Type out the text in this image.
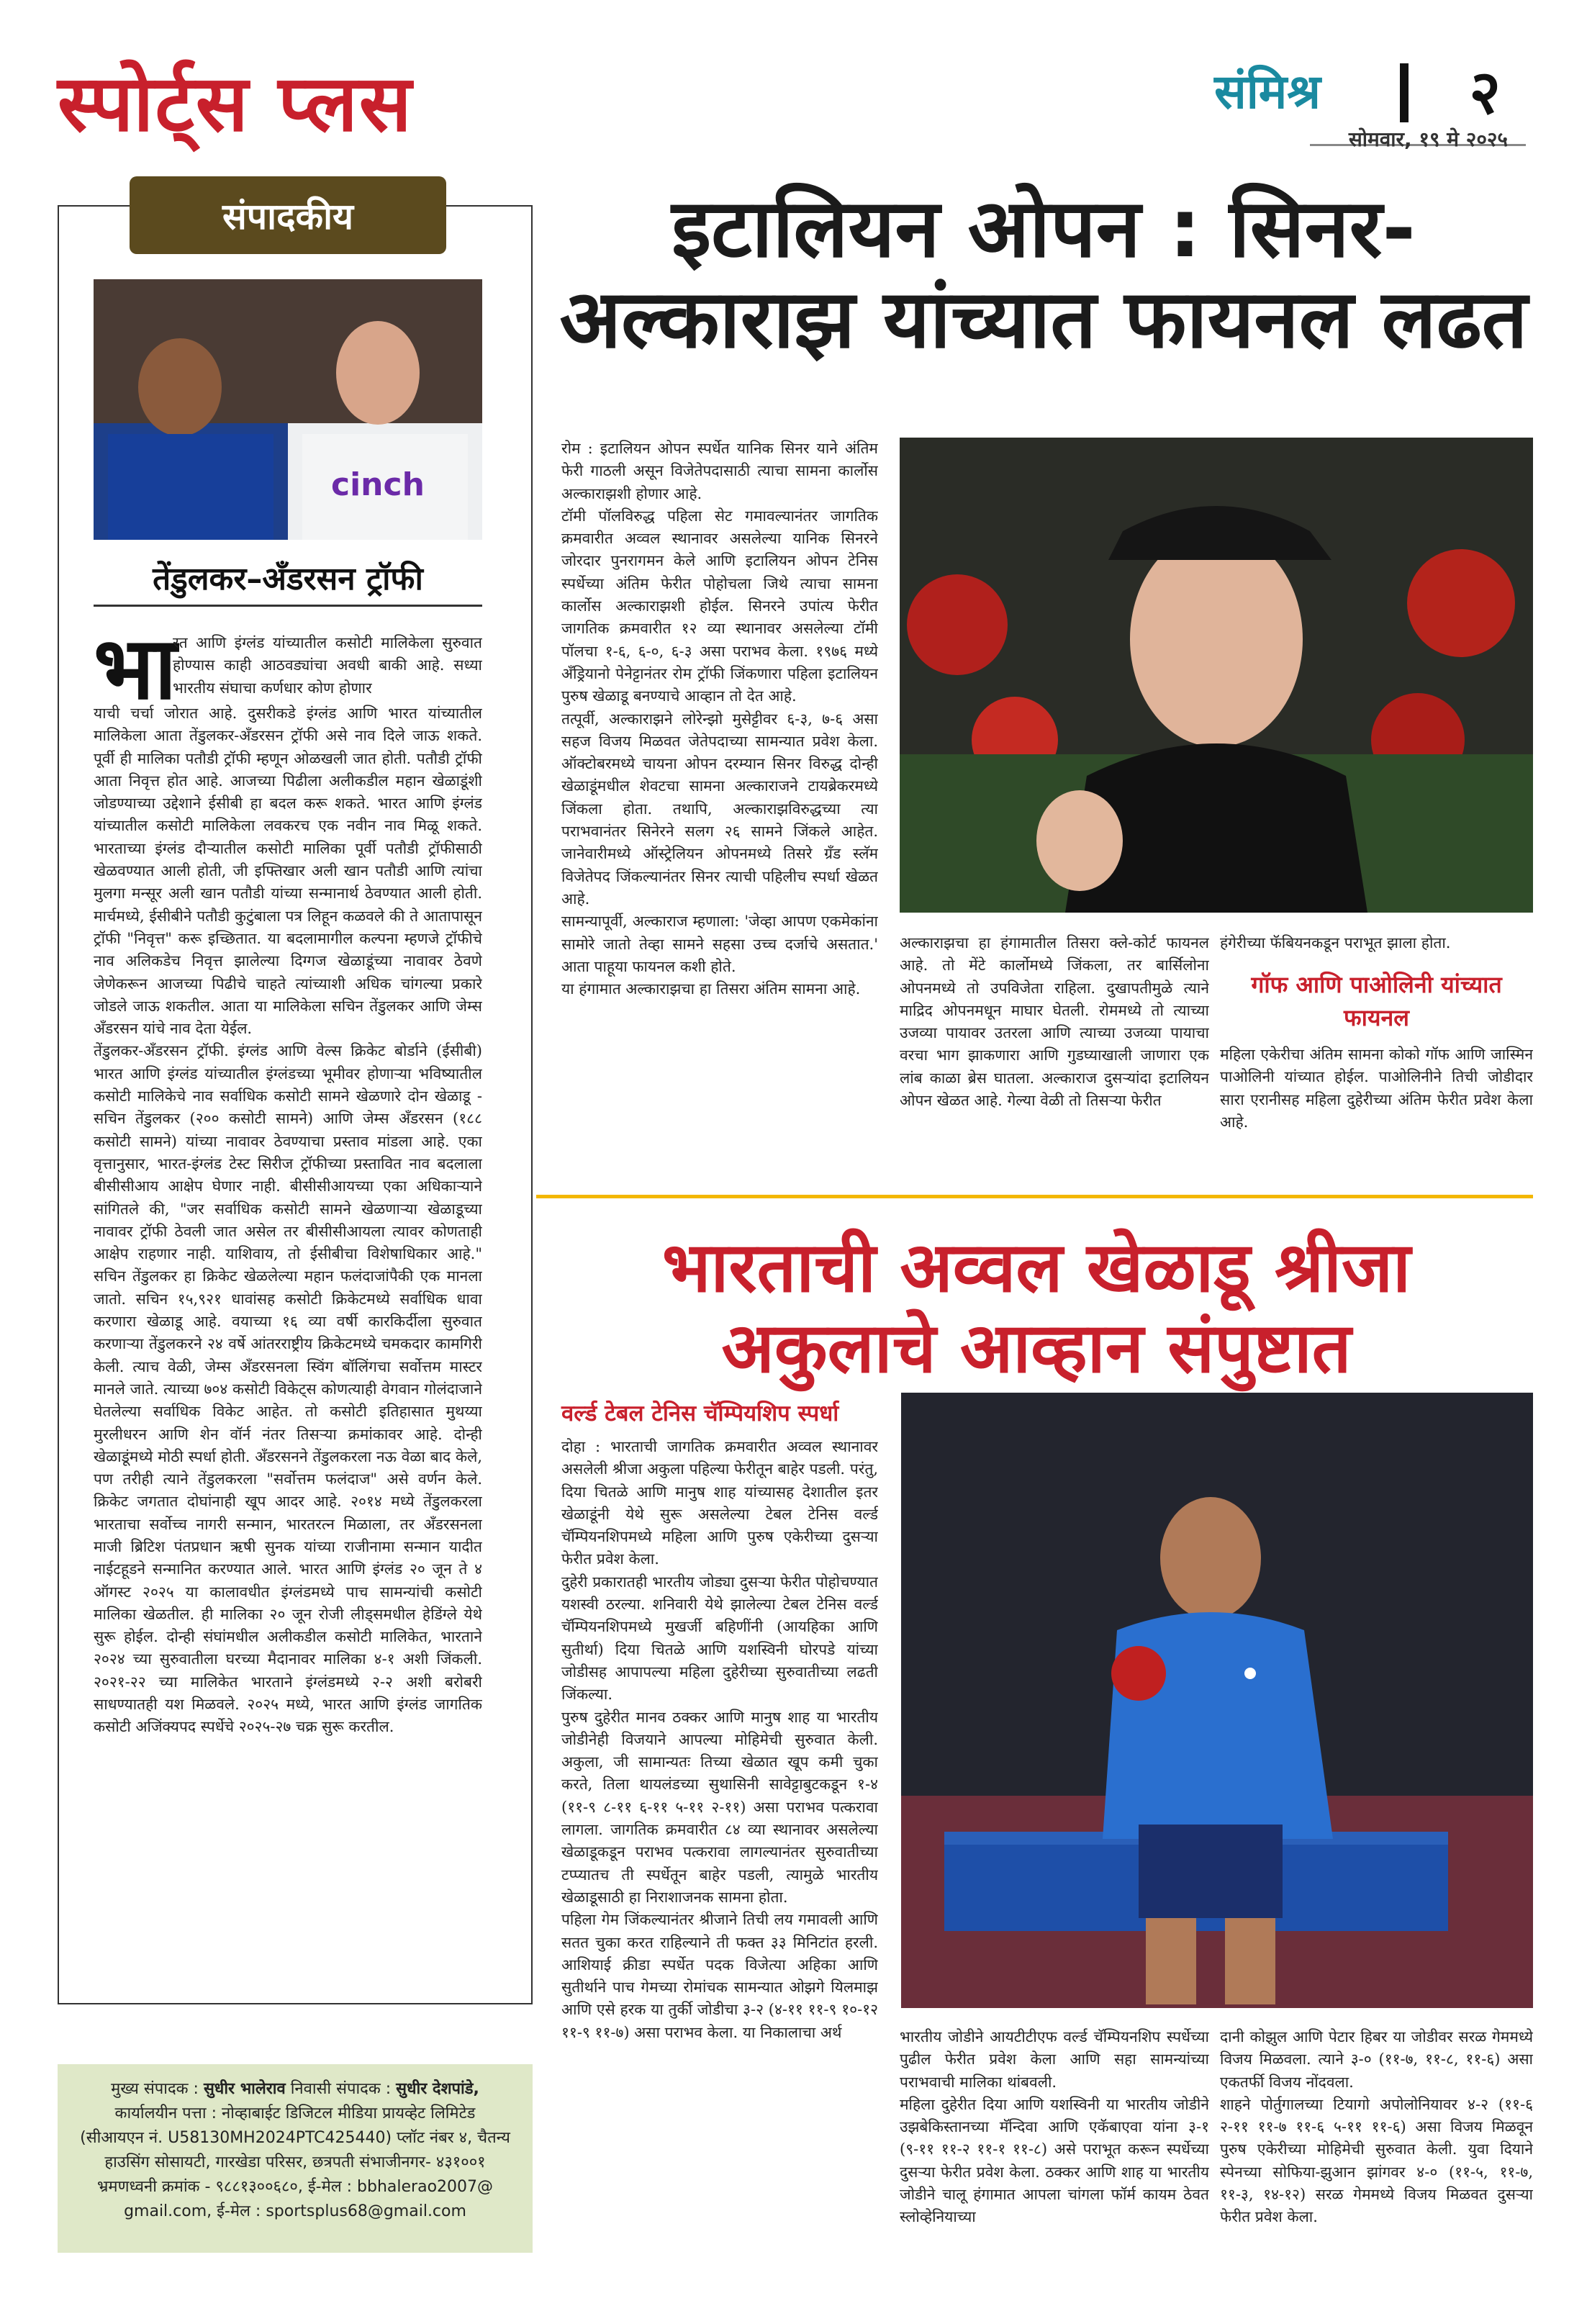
स्पोर्ट्स प्लस	संमिश्र २
सोमवार, १९ मे २०२५
संपादकीय
cinch
तेंडुलकर–अँडरसन ट्रॉफी
भा
रत आणि इंग्लंड यांच्यातील कसोटी मालिकेला सुरुवात होण्यास काही आठवड्यांचा अवधी बाकी आहे. सध्या भारतीय संघाचा कर्णधार कोण होणार
याची चर्चा जोरात आहे. दुसरीकडे इंग्लंड आणि भारत यांच्यातील मालिकेला आता तेंडुलकर-अँडरसन ट्रॉफी असे नाव दिले जाऊ शकते. पूर्वी ही मालिका पतौडी ट्रॉफी म्हणून ओळखली जात होती. पतौडी ट्रॉफी आता निवृत्त होत आहे. आजच्या पिढीला अलीकडील महान खेळाडूंशी जोडण्याच्या उद्देशाने ईसीबी हा बदल करू शकते. भारत आणि इंग्लंड यांच्यातील कसोटी मालिकेला लवकरच एक नवीन नाव मिळू शकते. भारताच्या इंग्लंड दौऱ्यातील कसोटी मालिका पूर्वी पतौडी ट्रॉफीसाठी खेळवण्यात आली होती, जी इफ्तिखार अली खान पतौडी आणि त्यांचा मुलगा मन्सूर अली खान पतौडी यांच्या सन्मानार्थ ठेवण्यात आली होती. मार्चमध्ये, ईसीबीने पतौडी कुटुंबाला पत्र लिहून कळवले की ते आतापासून ट्रॉफी "निवृत्त" करू इच्छितात. या बदलामागील कल्पना म्हणजे ट्रॉफीचे नाव अलिकडेच निवृत्त झालेल्या दिग्गज खेळाडूंच्या नावावर ठेवणे जेणेकरून आजच्या पिढीचे चाहते त्यांच्याशी अधिक चांगल्या प्रकारे जोडले जाऊ शकतील. आता या मालिकेला सचिन तेंडुलकर आणि जेम्स अँडरसन यांचे नाव देता येईल.
तेंडुलकर-अँडरसन ट्रॉफी. इंग्लंड आणि वेल्स क्रिकेट बोर्डाने (ईसीबी) भारत आणि इंग्लंड यांच्यातील इंग्लंडच्या भूमीवर होणाऱ्या भविष्यातील कसोटी मालिकेचे नाव सर्वाधिक कसोटी सामने खेळणारे दोन खेळाडू - सचिन तेंडुलकर (२०० कसोटी सामने) आणि जेम्स अँडरसन (१८८ कसोटी सामने) यांच्या नावावर ठेवण्याचा प्रस्ताव मांडला आहे. एका वृत्तानुसार, भारत-इंग्लंड टेस्ट सिरीज ट्रॉफीच्या प्रस्तावित नाव बदलाला बीसीसीआय आक्षेप घेणार नाही. बीसीसीआयच्या एका अधिकाऱ्याने सांगितले की, "जर सर्वाधिक कसोटी सामने खेळणाऱ्या खेळाडूच्या नावावर ट्रॉफी ठेवली जात असेल तर बीसीसीआयला त्यावर कोणताही आक्षेप राहणार नाही. याशिवाय, तो ईसीबीचा विशेषाधिकार आहे." सचिन तेंडुलकर हा क्रिकेट खेळलेल्या महान फलंदाजांपैकी एक मानला जातो. सचिन १५,९२१ धावांसह कसोटी क्रिकेटमध्ये सर्वाधिक धावा करणारा खेळाडू आहे. वयाच्या १६ व्या वर्षी कारकिर्दीला सुरुवात करणाऱ्या तेंडुलकरने २४ वर्षे आंतरराष्ट्रीय क्रिकेटमध्ये चमकदार कामगिरी केली. त्याच वेळी, जेम्स अँडरसनला स्विंग बॉलिंगचा सर्वोत्तम मास्टर मानले जाते. त्याच्या ७०४ कसोटी विकेट्स कोणत्याही वेगवान गोलंदाजाने घेतलेल्या सर्वाधिक विकेट आहेत. तो कसोटी इतिहासात मुथय्या मुरलीधरन आणि शेन वॉर्न नंतर तिसऱ्या क्रमांकावर आहे. दोन्ही खेळाडूंमध्ये मोठी स्पर्धा होती. अँडरसनने तेंडुलकरला नऊ वेळा बाद केले, पण तरीही त्याने तेंडुलकरला "सर्वोत्तम फलंदाज" असे वर्णन केले. क्रिकेट जगतात दोघांनाही खूप आदर आहे. २०१४ मध्ये तेंडुलकरला भारताचा सर्वोच्च नागरी सन्मान, भारतरत्न मिळाला, तर अँडरसनला माजी ब्रिटिश पंतप्रधान ऋषी सुनक यांच्या राजीनामा सन्मान यादीत नाईटहूडने सन्मानित करण्यात आले. भारत आणि इंग्लंड २० जून ते ४ ऑगस्ट २०२५ या कालावधीत इंग्लंडमध्ये पाच सामन्यांची कसोटी मालिका खेळतील. ही मालिका २० जून रोजी लीड्समधील हेडिंग्ले येथे सुरू होईल. दोन्ही संघांमधील अलीकडील कसोटी मालिकेत, भारताने २०२४ च्या सुरुवातीला घरच्या मैदानावर मालिका ४-१ अशी जिंकली. २०२१-२२ च्या मालिकेत भारताने इंग्लंडमध्ये २-२ अशी बरोबरी साधण्यातही यश मिळवले. २०२५ मध्ये, भारत आणि इंग्लंड जागतिक कसोटी अजिंक्यपद स्पर्धेचे २०२५-२७ चक्र सुरू करतील.
मुख्य संपादक : सुधीर भालेराव निवासी संपादक : सुधीर देशपांडे,
कार्यालयीन पत्ता : नोव्हाबाईट डिजिटल मीडिया प्रायव्हेट लिमिटेड
(सीआयएन नं. U58130MH2024PTC425440) प्लॉट नंबर ४, चैतन्य
हाउसिंग सोसायटी, गारखेडा परिसर, छत्रपती संभाजीनगर- ४३१००१
भ्रमणध्वनी क्रमांक - ९८८१३००६८०, ई-मेल : bbhalerao2007@
gmail.com, ई-मेल : sportsplus68@gmail.com
इटालियन ओपन : सिनर-अल्काराझ यांच्यात फायनल लढत
रोम : इटालियन ओपन स्पर्धेत यानिक सिनर याने अंतिम फेरी गाठली असून विजेतेपदासाठी त्याचा सामना कार्लोस अल्काराझशी होणार आहे.
टॉमी पॉलविरुद्ध पहिला सेट गमावल्यानंतर जागतिक क्रमवारीत अव्वल स्थानावर असलेल्या यानिक सिनरने जोरदार पुनरागमन केले आणि इटालियन ओपन टेनिस स्पर्धेच्या अंतिम फेरीत पोहोचला जिथे त्याचा सामना कार्लोस अल्काराझशी होईल. सिनरने उपांत्य फेरीत जागतिक क्रमवारीत १२ व्या स्थानावर असलेल्या टॉमी पॉलचा १-६, ६-०, ६-३ असा पराभव केला. १९७६ मध्ये अँड्रियानो पेनेट्टानंतर रोम ट्रॉफी जिंकणारा पहिला इटालियन पुरुष खेळाडू बनण्याचे आव्हान तो देत आहे.
तत्पूर्वी, अल्काराझने लोरेन्झो मुसेट्टीवर ६-३, ७-६ असा सहज विजय मिळवत जेतेपदाच्या सामन्यात प्रवेश केला. ऑक्टोबरमध्ये चायना ओपन दरम्यान सिनर विरुद्ध दोन्ही खेळाडूंमधील शेवटचा सामना अल्काराजने टायब्रेकरमध्ये जिंकला होता. तथापि, अल्काराझविरुद्धच्या त्या पराभवानंतर सिनेरने सलग २६ सामने जिंकले आहेत. जानेवारीमध्ये ऑस्ट्रेलियन ओपनमध्ये तिसरे ग्रँड स्लॅम विजेतेपद जिंकल्यानंतर सिनर त्याची पहिलीच स्पर्धा खेळत आहे.
सामन्यापूर्वी, अल्काराज म्हणाला: 'जेव्हा आपण एकमेकांना सामोरे जातो तेव्हा सामने सहसा उच्च दर्जाचे असतात.' आता पाहूया फायनल कशी होते.
या हंगामात अल्काराझचा हा तिसरा अंतिम सामना आहे.
अल्काराझचा हा हंगामातील तिसरा क्ले-कोर्ट फायनल आहे. तो मेंटे कार्लोमध्ये जिंकला, तर बार्सिलोना ओपनमध्ये तो उपविजेता राहिला. दुखापतीमुळे त्याने माद्रिद ओपनमधून माघार घेतली. रोममध्ये तो त्याच्या उजव्या पायावर उतरला आणि त्याच्या उजव्या पायाचा वरचा भाग झाकणारा आणि गुडघ्याखाली जाणारा एक लांब काळा ब्रेस घातला. अल्काराज दुसऱ्यांदा इटालियन ओपन खेळत आहे. गेल्या वेळी तो तिसऱ्या फेरीत
हंगेरीच्या फॅबियनकडून पराभूत झाला होता.
गॉफ आणि पाओलिनी यांच्यात फायनल
महिला एकेरीचा अंतिम सामना कोको गॉफ आणि जास्मिन पाओलिनी यांच्यात होईल. पाओलिनीने तिची जोडीदार सारा एरानीसह महिला दुहेरीच्या अंतिम फेरीत प्रवेश केला आहे.
भारताची अव्वल खेळाडू श्रीजा अकुलाचे आव्हान संपुष्टात
वर्ल्ड टेबल टेनिस चॅम्पियशिप स्पर्धा
दोहा : भारताची जागतिक क्रमवारीत अव्वल स्थानावर असलेली श्रीजा अकुला पहिल्या फेरीतून बाहेर पडली. परंतु, दिया चितळे आणि मानुष शाह यांच्यासह देशातील इतर खेळाडूंनी येथे सुरू असलेल्या टेबल टेनिस वर्ल्ड चॅम्पियनशिपमध्ये महिला आणि पुरुष एकेरीच्या दुसऱ्या फेरीत प्रवेश केला.
दुहेरी प्रकारातही भारतीय जोड्या दुसऱ्या फेरीत पोहोचण्यात यशस्वी ठरल्या. शनिवारी येथे झालेल्या टेबल टेनिस वर्ल्ड चॅम्पियनशिपमध्ये मुखर्जी बहिणींनी (आयहिका आणि सुतीर्था) दिया चितळे आणि यशस्विनी घोरपडे यांच्या जोडीसह आपापल्या महिला दुहेरीच्या सुरुवातीच्या लढती जिंकल्या.
पुरुष दुहेरीत मानव ठक्कर आणि मानुष शाह या भारतीय जोडीनेही विजयाने आपल्या मोहिमेची सुरुवात केली. अकुला, जी सामान्यतः तिच्या खेळात खूप कमी चुका करते, तिला थायलंडच्या सुथासिनी सावेट्टाबुटकडून १-४ (११-९ ८-११ ६-११ ५-११ २-११) असा पराभव पत्करावा लागला. जागतिक क्रमवारीत ८४ व्या स्थानावर असलेल्या खेळाडूकडून पराभव पत्करावा लागल्यानंतर सुरुवातीच्या टप्प्यातच ती स्पर्धेतून बाहेर पडली, त्यामुळे भारतीय खेळाडूसाठी हा निराशाजनक सामना होता.
पहिला गेम जिंकल्यानंतर श्रीजाने तिची लय गमावली आणि सतत चुका करत राहिल्याने ती फक्त ३३ मिनिटांत हरली. आशियाई क्रीडा स्पर्धेत पदक विजेत्या अहिका आणि सुतीर्थाने पाच गेमच्या रोमांचक सामन्यात ओझगे यिलमाझ आणि एसे हरक या तुर्की जोडीचा ३-२ (४-११ ११-९ १०-१२ ११-९ ११-७) असा पराभव केला. या निकालाचा अर्थ	भारतीय जोडीने आयटीटीएफ वर्ल्ड चॅम्पियनशिप स्पर्धेच्या पुढील फेरीत प्रवेश केला आणि सहा सामन्यांच्या पराभवाची मालिका थांबवली.
महिला दुहेरीत दिया आणि यशस्विनी या भारतीय जोडीने उझबेकिस्तानच्या मॅन्दिवा आणि एकॅबाएवा यांना ३-१ (९-११ ११-२ ११-१ ११-८) असे पराभूत करून स्पर्धेच्या दुसऱ्या फेरीत प्रवेश केला. ठक्कर आणि शाह या भारतीय जोडीने चालू हंगामात आपला चांगला फॉर्म कायम ठेवत स्लोव्हेनियाच्या
दानी कोझुल आणि पेटार हिबर या जोडीवर सरळ गेममध्ये विजय मिळवला. त्याने ३-० (११-७, ११-८, ११-६) असा एकतर्फी विजय नोंदवला.
शाहने पोर्तुगालच्या टियागो अपोलोनियावर ४-२ (११-६ २-११ ११-७ ११-६ ५-११ ११-६) असा विजय मिळवून पुरुष एकेरीच्या मोहिमेची सुरुवात केली. युवा दियाने स्पेनच्या सोफिया-झुआन झांगवर ४-० (११-५, ११-७, ११-३, १४-१२) सरळ गेममध्ये विजय मिळवत दुसऱ्या फेरीत प्रवेश केला.
